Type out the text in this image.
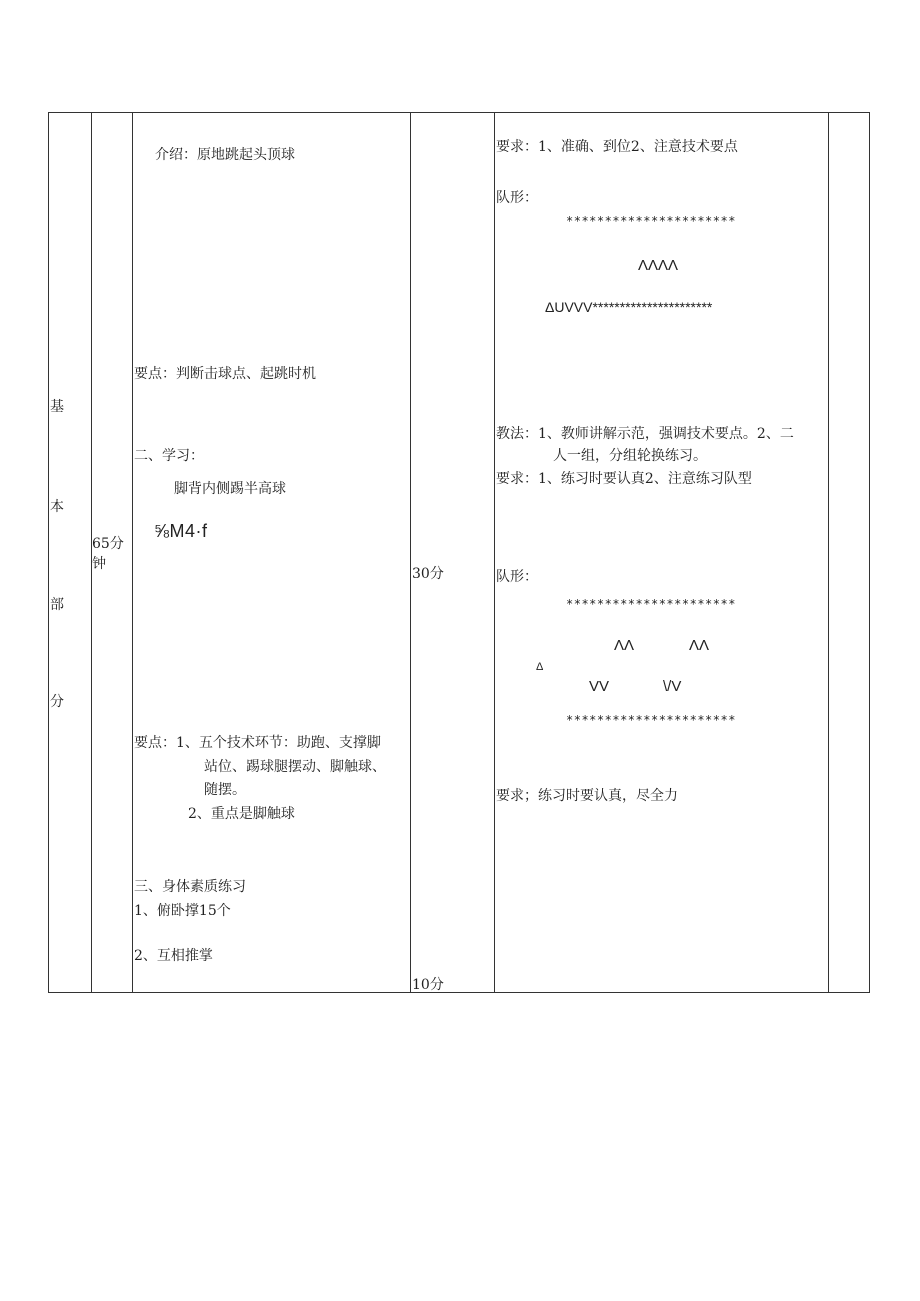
基
本
部
分
65分钟
介绍：原地跳起头顶球
要点：判断击球点、起跳时机
二、学习：
脚背内侧踢半高球
⅝M4·f
要点：1、五个技术环节：助跑、支撑脚
站位、踢球腿摆动、脚触球、
随摆。
2、重点是脚触球
三、身体素质练习
1、俯卧撑15个
2、互相推掌
30分
10分
要求：1、准确、到位2、注意技术要点
队形：
**********************
ΛΛΛΛ
ΔUVVV**********************
教法：1、教师讲解示范，强调技术要点。2、二
人一组，分组轮换练习。
要求：1、练习时要认真2、注意练习队型
队形：
**********************
ΛΛ	ΛΛ
Δ
VV	\/V
**********************
要求；练习时要认真，尽全力
